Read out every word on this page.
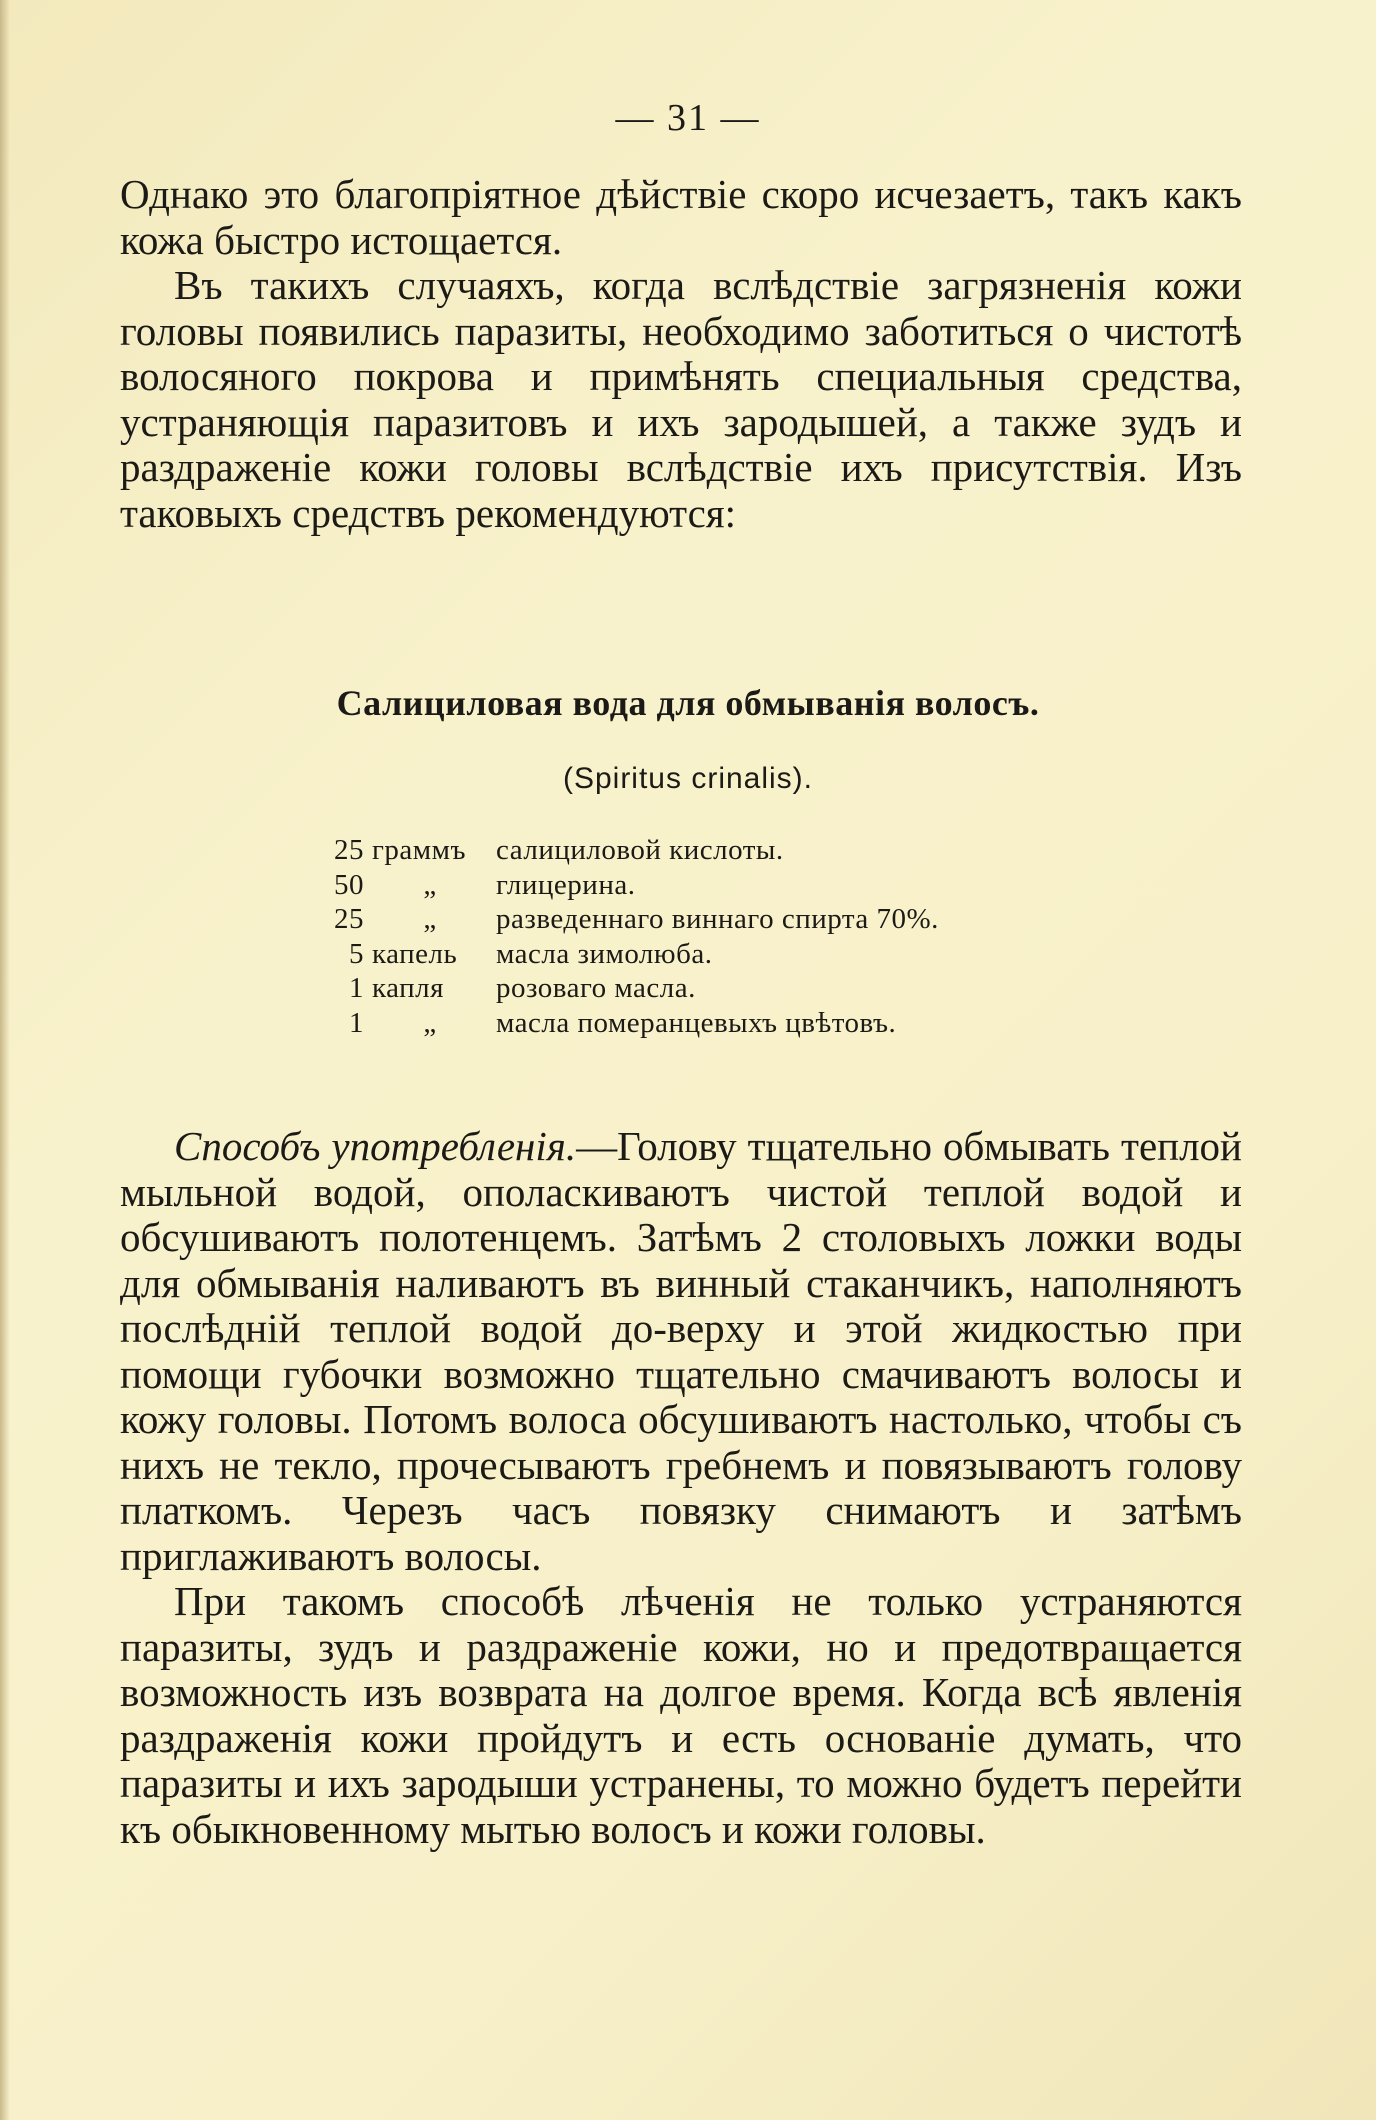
— 31 —

Однако это благопріятное дѣйствіе скоро исчезаетъ, такъ какъ кожа быстро истощается.

Въ такихъ случаяхъ, когда вслѣдствіе загрязненія кожи головы появились паразиты, необходимо заботиться о чистотѣ волосяного покрова и примѣнять специальныя средства, устраняющія паразитовъ и ихъ зародышей, а также зудъ и раздраженіе кожи головы вслѣдствіе ихъ присутствія. Изъ таковыхъ средствъ рекомендуются:

Салициловая вода для обмыванія волосъ.
(Spiritus crinalis).
25 граммъ	салициловой кислоты.
50	„	глицерина.
25	„	разведеннаго виннаго спирта 70%.
5 капель	масла зимолюба.
1 капля	розоваго масла.
1	„	масла померанцевыхъ цвѣтовъ.

Способъ употребленія.—Голову тщательно обмывать теплой мыльной водой, ополаскиваютъ чистой теплой водой и обсушиваютъ полотенцемъ. Затѣмъ 2 столовыхъ ложки воды для обмыванія наливаютъ въ винный стаканчикъ, наполняютъ послѣдній теплой водой до-верху и этой жидкостью при помощи губочки возможно тщательно смачиваютъ волосы и кожу головы. Потомъ волоса обсушиваютъ настолько, чтобы съ нихъ не текло, прочесываютъ гребнемъ и повязываютъ голову платкомъ. Черезъ часъ повязку снимаютъ и затѣмъ приглаживаютъ волосы.

При такомъ способѣ лѣченія не только устраняются паразиты, зудъ и раздраженіе кожи, но и предотвращается возможность изъ возврата на долгое время. Когда всѣ явленія раздраженія кожи пройдутъ и есть основаніе думать, что паразиты и ихъ зародыши устранены, то можно будетъ перейти къ обыкновенному мытью волосъ и кожи головы.
